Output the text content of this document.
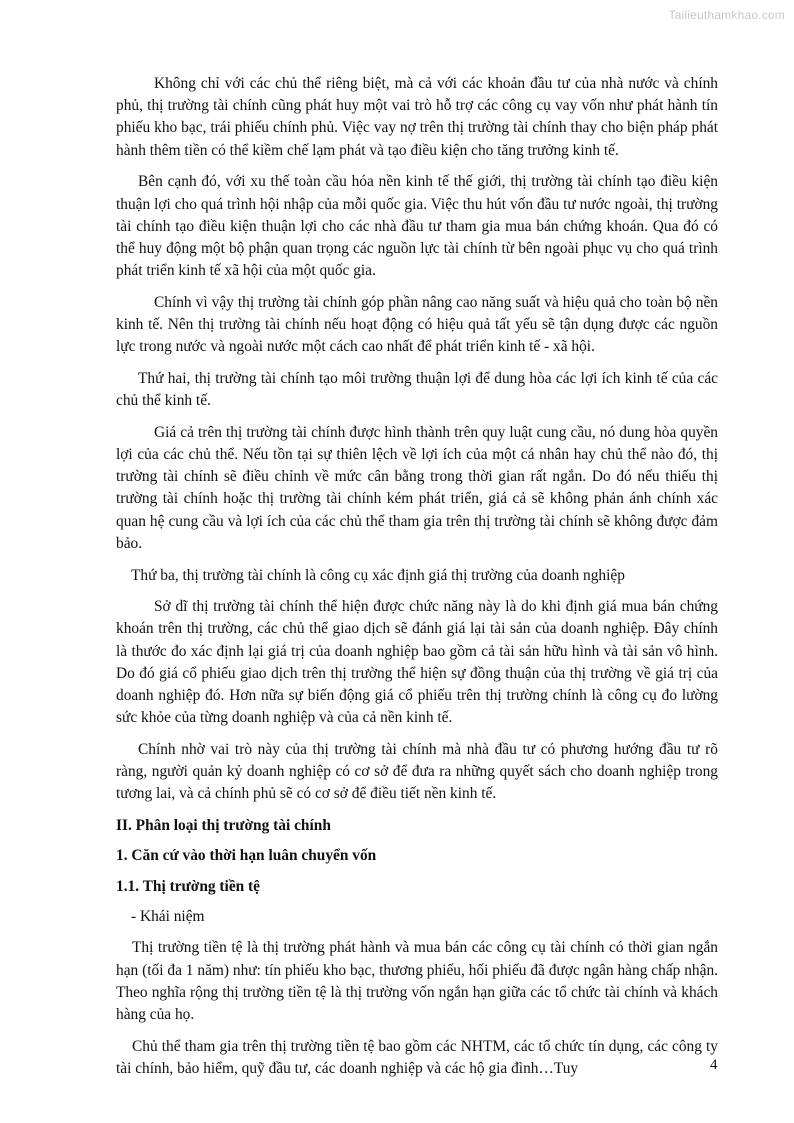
Tailieuthamkhao.com

Không chỉ với các chủ thể riêng biệt, mà cả với các khoản đầu tư của nhà nước và chính phủ, thị trường tài chính cũng phát huy một vai trò hỗ trợ các công cụ vay vốn như phát hành tín phiếu kho bạc, trái phiếu chính phủ. Việc vay nợ trên thị trường tài chính thay cho biện pháp phát hành thêm tiền có thể kiềm chế lạm phát và tạo điều kiện cho tăng trưởng kinh tế.

Bên cạnh đó, với xu thế toàn cầu hóa nền kinh tế thế giới, thị trường tài chính tạo điều kiện thuận lợi cho quá trình hội nhập của mỗi quốc gia. Việc thu hút vốn đầu tư nước ngoài, thị trường tài chính tạo điều kiện thuận lợi cho các nhà đầu tư tham gia mua bán chứng khoán. Qua đó có thể huy động một bộ phận quan trọng các nguồn lực tài chính từ bên ngoài phục vụ cho quá trình phát triển kinh tế xã hội của một quốc gia.

Chính vì vậy thị trường tài chính góp phần nâng cao năng suất và hiệu quả cho toàn bộ nền kinh tế. Nên thị trường tài chính nếu hoạt động có hiệu quả tất yếu sẽ tận dụng được các nguồn lực trong nước và ngoài nước một cách cao nhất để phát triển kinh tế - xã hội.

Thứ hai, thị trường tài chính tạo môi trường thuận lợi để dung hòa các lợi ích kinh tế của các chủ thể kinh tế.

Giá cả trên thị trường tài chính được hình thành trên quy luật cung cầu, nó dung hòa quyền lợi của các chủ thể. Nếu tồn tại sự thiên lệch về lợi ích của một cá nhân hay chủ thể nào đó, thị trường tài chính sẽ điều chỉnh về mức cân bằng trong thời gian rất ngắn. Do đó nếu thiếu thị trường tài chính hoặc thị trường tài chính kém phát triển, giá cả sẽ không phản ánh chính xác quan hệ cung cầu và lợi ích của các chủ thể tham gia trên thị trường tài chính sẽ không được đảm bảo.

Thứ ba, thị trường tài chính là công cụ xác định giá thị trường của doanh nghiệp

Sở dĩ thị trường tài chính thể hiện được chức năng này là do khi định giá mua bán chứng khoán trên thị trường, các chủ thể giao dịch sẽ đánh giá lại tài sản của doanh nghiệp. Đây chính là thước đo xác định lại giá trị của doanh nghiệp bao gồm cả tài sản hữu hình và tài sản vô hình. Do đó giá cổ phiếu giao dịch trên thị trường thể hiện sự đồng thuận của thị trường về giá trị của doanh nghiệp đó. Hơn nữa sự biến động giá cổ phiếu trên thị trường chính là công cụ đo lường sức khỏe của từng doanh nghiệp và của cả nền kinh tế.

Chính nhờ vai trò này của thị trường tài chính mà nhà đầu tư có phương hướng đầu tư rõ ràng, người quản kỷ doanh nghiệp có cơ sở để đưa ra những quyết sách cho doanh nghiệp trong tương lai, và cả chính phủ sẽ có cơ sở để điều tiết nền kinh tế.

II. Phân loại thị trường tài chính
1. Căn cứ vào thời hạn luân chuyển vốn
1.1. Thị trường tiền tệ

- Khái niệm

Thị trường tiền tệ là thị trường phát hành và mua bán các công cụ tài chính có thời gian ngắn hạn (tối đa 1 năm) như: tín phiếu kho bạc, thương phiếu, hối phiếu đã được ngân hàng chấp nhận. Theo nghĩa rộng thị trường tiền tệ là thị trường vốn ngắn hạn giữa các tổ chức tài chính và khách hàng của họ.

Chủ thể tham gia trên thị trường tiền tệ bao gồm các NHTM, các tổ chức tín dụng, các công ty tài chính, bảo hiểm, quỹ đầu tư, các doanh nghiệp và các hộ gia đình…Tuy	4
